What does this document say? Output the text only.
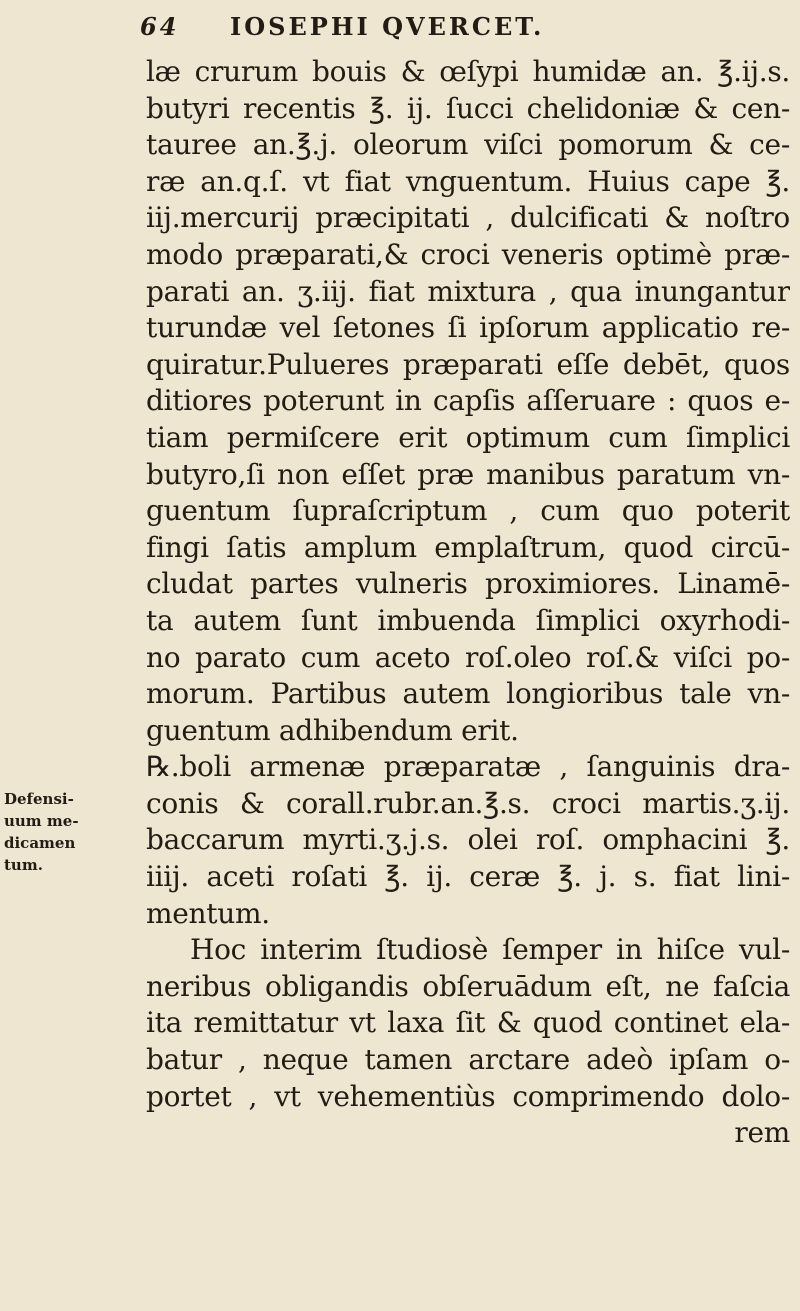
64 IOSEPHI QVERCET.
Defensi-
uum me-
dicamen
tum.
læ crurum bouis & œſypi humidæ an. ℥.ij.s.
butyri recentis ℥. ij. ſucci chelidoniæ & cen-
tauree an.℥.j. oleorum viſci pomorum & ce-
ræ an.q.ſ. vt fiat vnguentum. Huius cape ℥.
iij.mercurij præcipitati , dulcificati & noſtro
modo præparati,& croci veneris optimè præ-
parati an. ʒ.iij. fiat mixtura , qua inungantur
turundæ vel ſetones ſi ipſorum applicatio re-
quiratur.Pulueres præparati eſſe debēt, quos
ditiores poterunt in capſis aſſeruare : quos e-
tiam permiſcere erit optimum cum ſimplici
butyro,ſi non eſſet præ manibus paratum vn-
guentum ſupraſcriptum , cum quo poterit
fingi ſatis amplum emplaſtrum, quod circū-
cludat partes vulneris proximiores. Linamē-
ta autem ſunt imbuenda ſimplici oxyrhodi-
no parato cum aceto roſ.oleo roſ.& viſci po-
morum. Partibus autem longioribus tale vn-
guentum adhibendum erit.
℞.boli armenæ præparatæ , ſanguinis dra-
conis & corall.rubr.an.℥.s. croci martis.ʒ.ij.
baccarum myrti.ʒ.j.s. olei roſ. omphacini ℥.
iiij. aceti roſati ℥. ij. ceræ ℥. j. s. fiat lini-
mentum.
Hoc interim ſtudiosè ſemper in hiſce vul-
neribus obligandis obſeruādum eſt, ne faſcia
ita remittatur vt laxa ſit & quod continet ela-
batur , neque tamen arctare adeò ipſam o-
portet , vt vehementiùs comprimendo dolo-
rem
